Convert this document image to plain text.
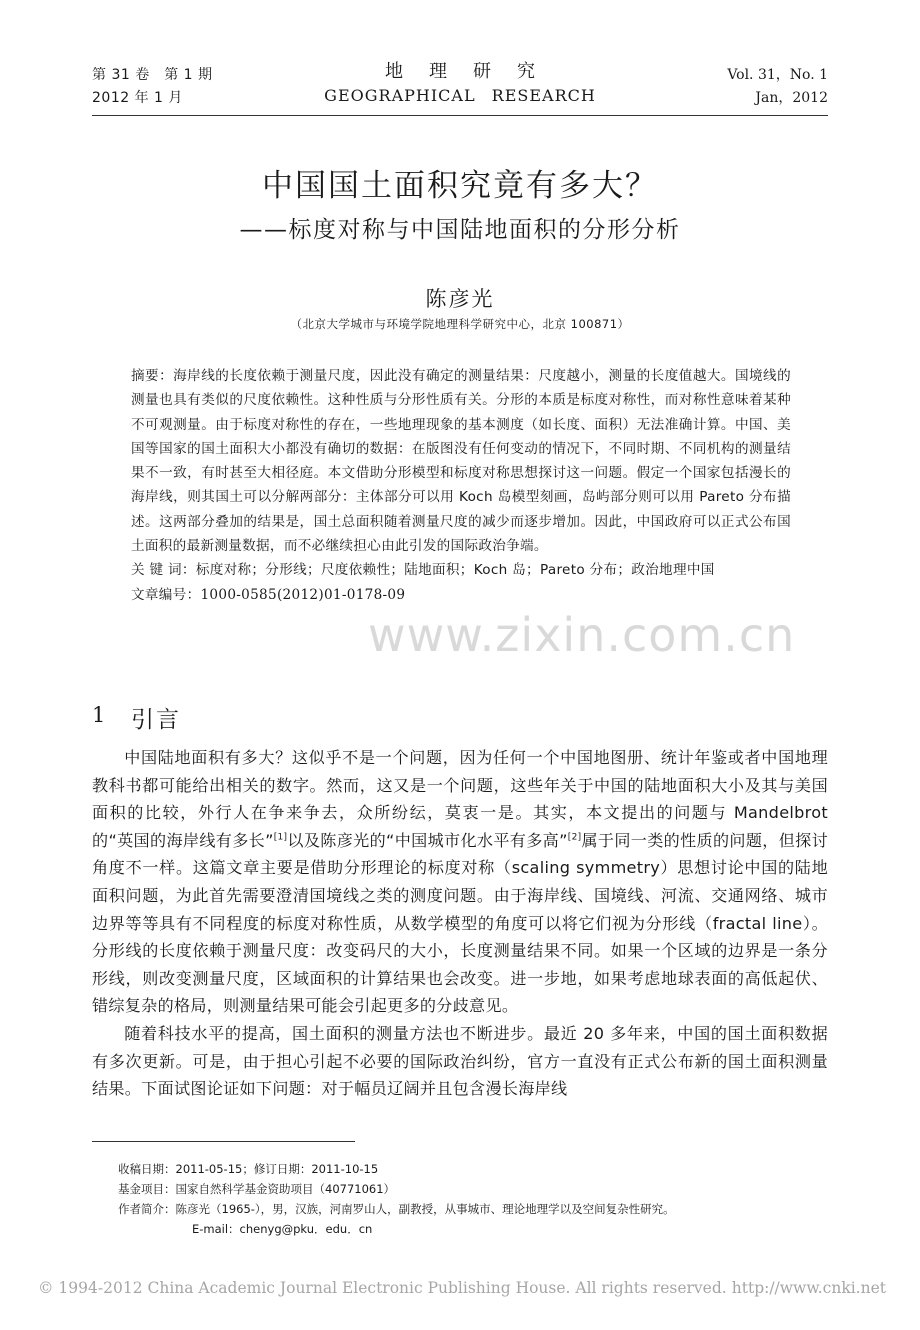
第 31 卷　第 1 期
2012 年 1 月
地理研究
GEOGRAPHICAL RESEARCH
Vol. 31，No. 1
Jan，2012
中国国土面积究竟有多大？
——标度对称与中国陆地面积的分形分析
陈彦光
（北京大学城市与环境学院地理科学研究中心，北京 100871）

摘要：海岸线的长度依赖于测量尺度，因此没有确定的测量结果：尺度越小，测量的长度值越大。国境线的测量也具有类似的尺度依赖性。这种性质与分形性质有关。分形的本质是标度对称性，而对称性意味着某种不可观测量。由于标度对称性的存在，一些地理现象的基本测度（如长度、面积）无法准确计算。中国、美国等国家的国土面积大小都没有确切的数据：在版图没有任何变动的情况下，不同时期、不同机构的测量结果不一致，有时甚至大相径庭。本文借助分形模型和标度对称思想探讨这一问题。假定一个国家包括漫长的海岸线，则其国土可以分解两部分：主体部分可以用 Koch 岛模型刻画，岛屿部分则可以用 Pareto 分布描述。这两部分叠加的结果是，国土总面积随着测量尺度的减少而逐步增加。因此，中国政府可以正式公布国土面积的最新测量数据，而不必继续担心由此引发的国际政治争端。

关 键 词：标度对称；分形线；尺度依赖性；陆地面积；Koch 岛；Pareto 分布；政治地理中国

文章编号：1000-0585(2012)01-0178-09

www.zixin.com.cn
1 引言

中国陆地面积有多大？这似乎不是一个问题，因为任何一个中国地图册、统计年鉴或者中国地理教科书都可能给出相关的数字。然而，这又是一个问题，这些年关于中国的陆地面积大小及其与美国面积的比较，外行人在争来争去，众所纷纭，莫衷一是。其实，本文提出的问题与 Mandelbrot 的“英国的海岸线有多长”[1]以及陈彦光的“中国城市化水平有多高”[2]属于同一类的性质的问题，但探讨角度不一样。这篇文章主要是借助分形理论的标度对称（scaling symmetry）思想讨论中国的陆地面积问题，为此首先需要澄清国境线之类的测度问题。由于海岸线、国境线、河流、交通网络、城市边界等等具有不同程度的标度对称性质，从数学模型的角度可以将它们视为分形线（fractal line）。分形线的长度依赖于测量尺度：改变码尺的大小，长度测量结果不同。如果一个区域的边界是一条分形线，则改变测量尺度，区域面积的计算结果也会改变。进一步地，如果考虑地球表面的高低起伏、错综复杂的格局，则测量结果可能会引起更多的分歧意见。

随着科技水平的提高，国土面积的测量方法也不断进步。最近 20 多年来，中国的国土面积数据有多次更新。可是，由于担心引起不必要的国际政治纠纷，官方一直没有正式公布新的国土面积测量结果。下面试图论证如下问题：对于幅员辽阔并且包含漫长海岸线

收稿日期：2011-05-15；修订日期：2011-10-15
基金项目：国家自然科学基金资助项目（40771061）
作者简介：陈彦光（1965-），男，汉族，河南罗山人，副教授，从事城市、理论地理学以及空间复杂性研究。
E-mail：chenyg@pku．edu．cn
© 1994-2012 China Academic Journal Electronic Publishing House. All rights reserved. http://www.cnki.net
